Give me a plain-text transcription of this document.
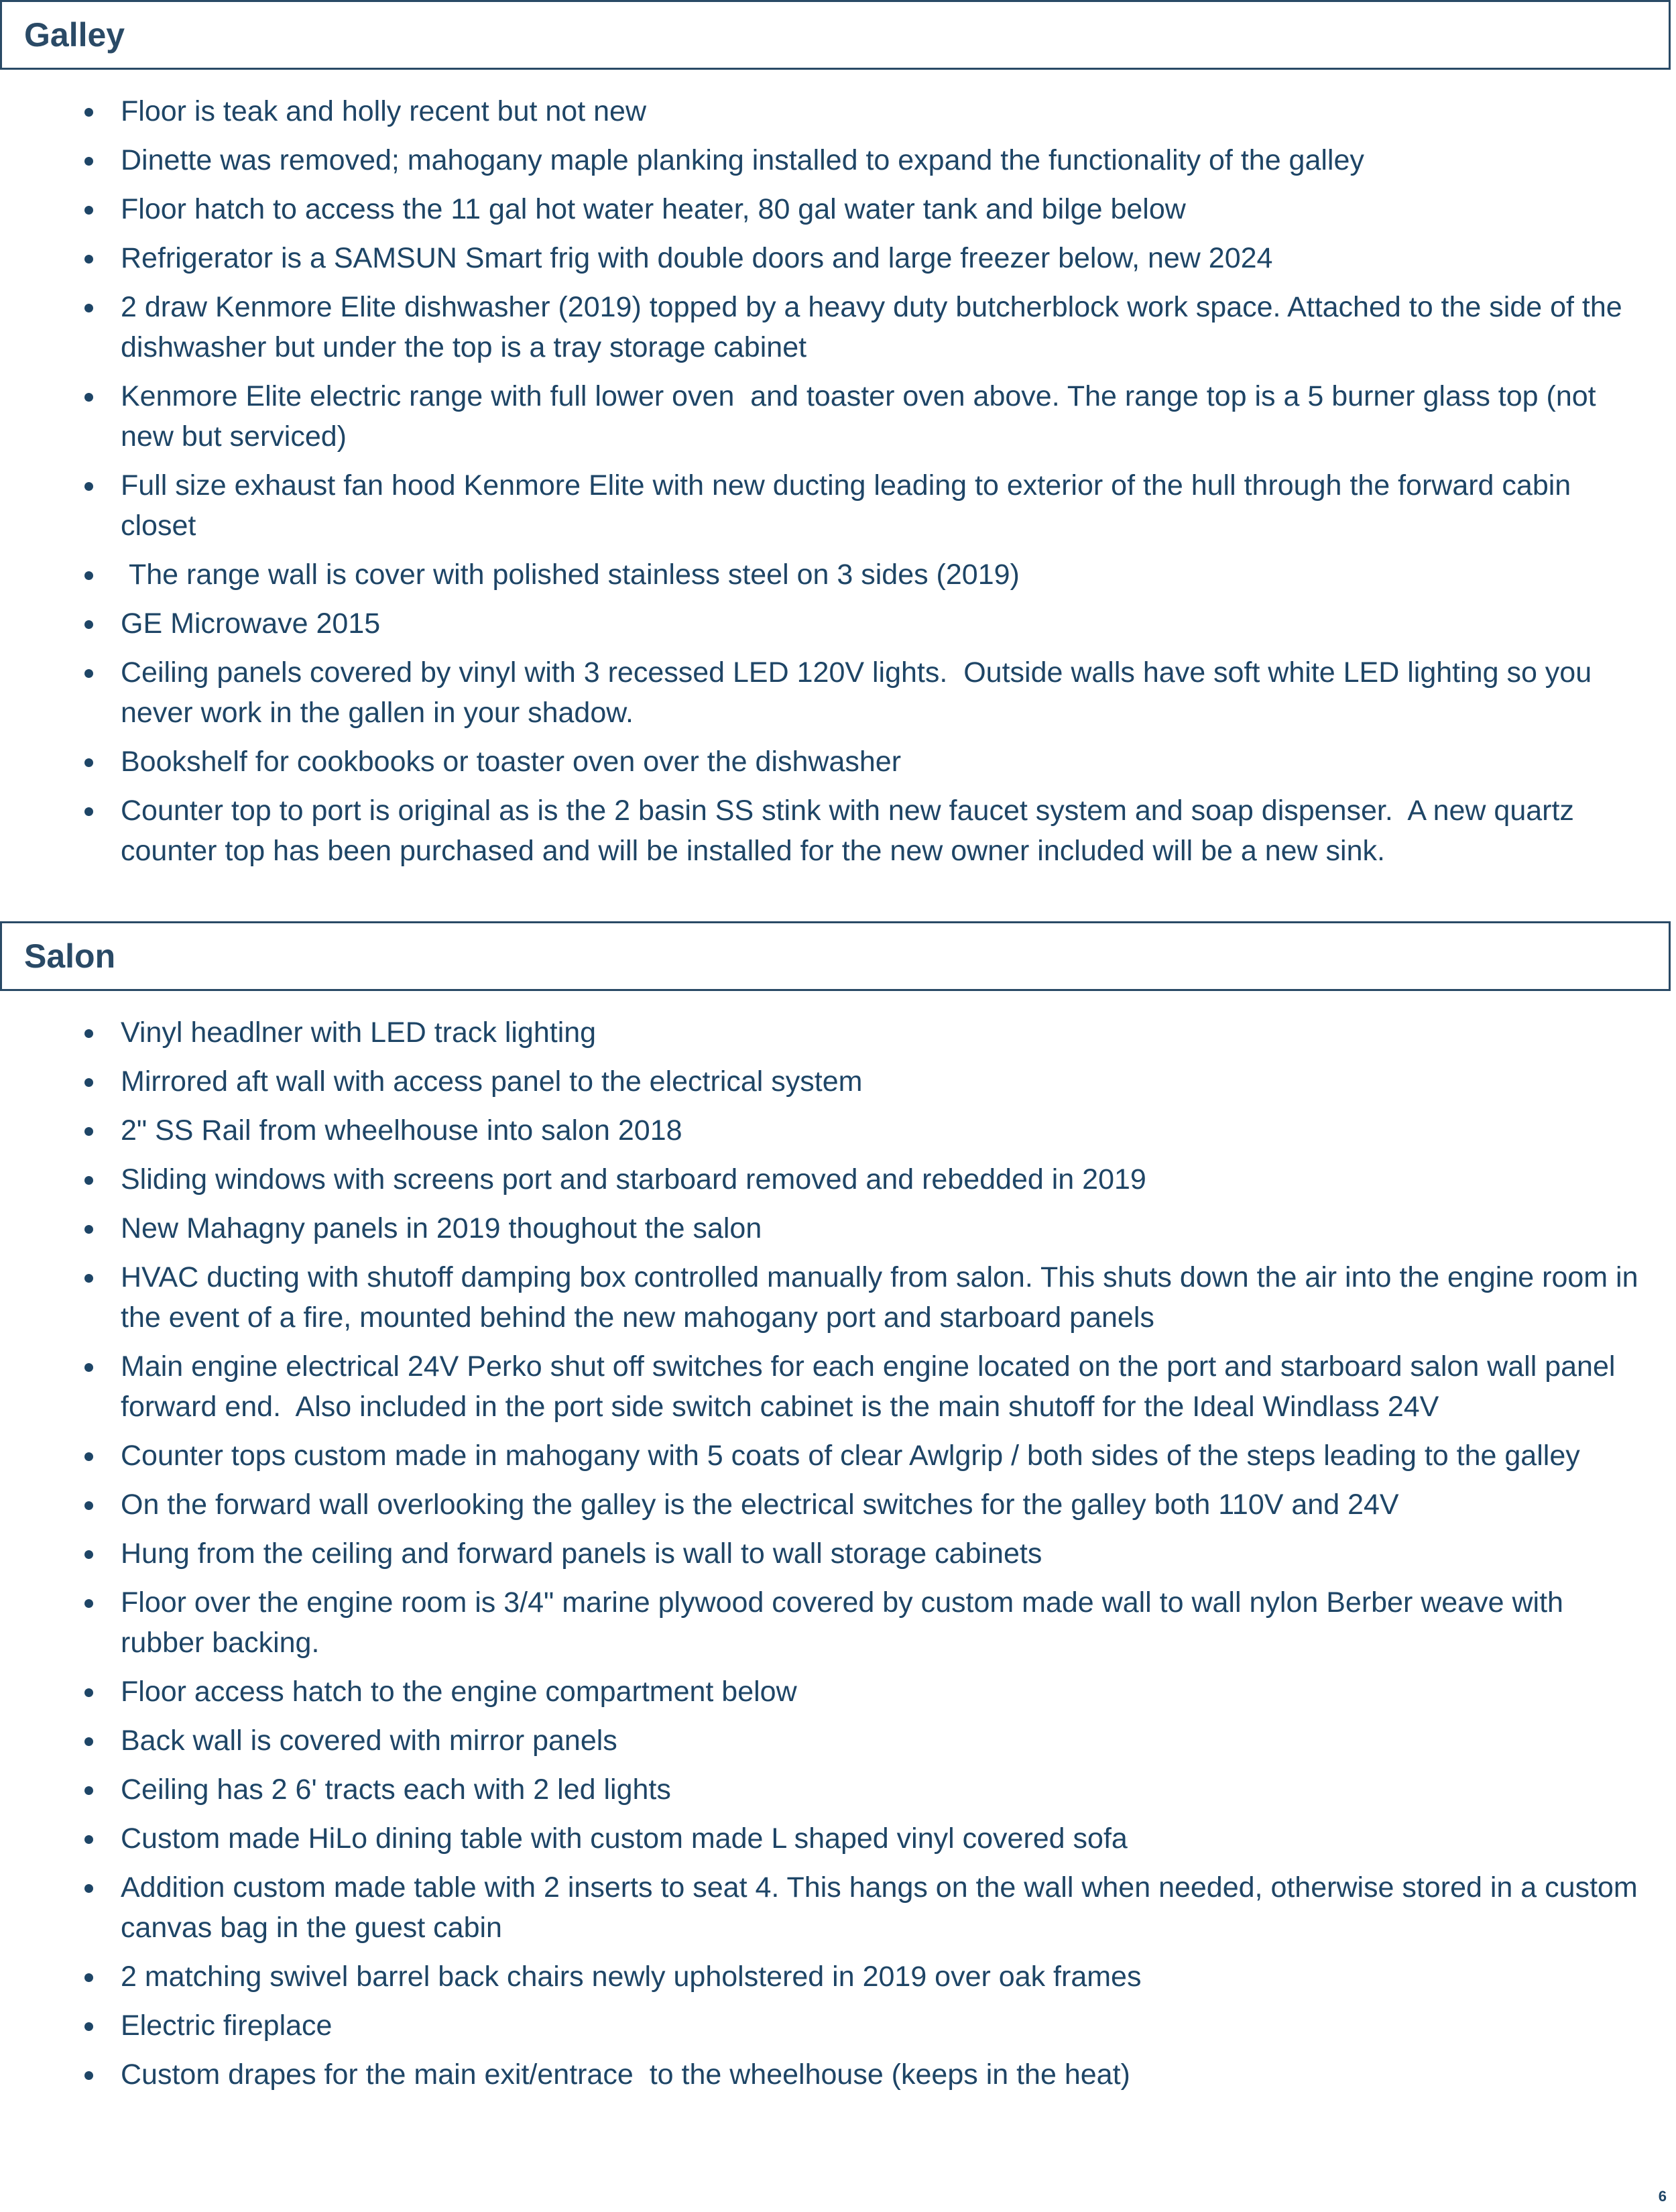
Galley
Floor is teak and holly recent but not new
Dinette was removed; mahogany maple planking installed to expand the functionality of the galley
Floor hatch to access the 11 gal hot water heater, 80 gal water tank and bilge below
Refrigerator is a SAMSUN Smart frig with double doors and large freezer below, new 2024
2 draw Kenmore Elite dishwasher (2019) topped by a heavy duty butcherblock work space. Attached to the side of the dishwasher but under the top is a tray storage cabinet
Kenmore Elite electric range with full lower oven  and toaster oven above. The range top is a 5 burner glass top (not new but serviced)
Full size exhaust fan hood Kenmore Elite with new ducting leading to exterior of the hull through the forward cabin closet
The range wall is cover with polished stainless steel on 3 sides (2019)
GE Microwave 2015
Ceiling panels covered by vinyl with 3 recessed LED 120V lights.  Outside walls have soft white LED lighting so you never work in the gallen in your shadow.
Bookshelf for cookbooks or toaster oven over the dishwasher
Counter top to port is original as is the 2 basin SS stink with new faucet system and soap dispenser.  A new quartz counter top has been purchased and will be installed for the new owner included will be a new sink.
Salon
Vinyl headlner with LED track lighting
Mirrored aft wall with access panel to the electrical system
2" SS Rail from wheelhouse into salon 2018
Sliding windows with screens port and starboard removed and rebedded in 2019
New Mahagny panels in 2019 thoughout the salon
HVAC ducting with shutoff damping box controlled manually from salon. This shuts down the air into the engine room in the event of a fire, mounted behind the new mahogany port and starboard panels
Main engine electrical 24V Perko shut off switches for each engine located on the port and starboard salon wall panel forward end.  Also included in the port side switch cabinet is the main shutoff for the Ideal Windlass 24V
Counter tops custom made in mahogany with 5 coats of clear Awlgrip / both sides of the steps leading to the galley
On the forward wall overlooking the galley is the electrical switches for the galley both 110V and 24V
Hung from the ceiling and forward panels is wall to wall storage cabinets
Floor over the engine room is 3/4" marine plywood covered by custom made wall to wall nylon Berber weave with rubber backing.
Floor access hatch to the engine compartment below
Back wall is covered with mirror panels
Ceiling has 2 6' tracts each with 2 led lights
Custom made HiLo dining table with custom made L shaped vinyl covered sofa
Addition custom made table with 2 inserts to seat 4. This hangs on the wall when needed, otherwise stored in a custom canvas bag in the guest cabin
2 matching swivel barrel back chairs newly upholstered in 2019 over oak frames
Electric fireplace
Custom drapes for the main exit/entrace  to the wheelhouse (keeps in the heat)
6
